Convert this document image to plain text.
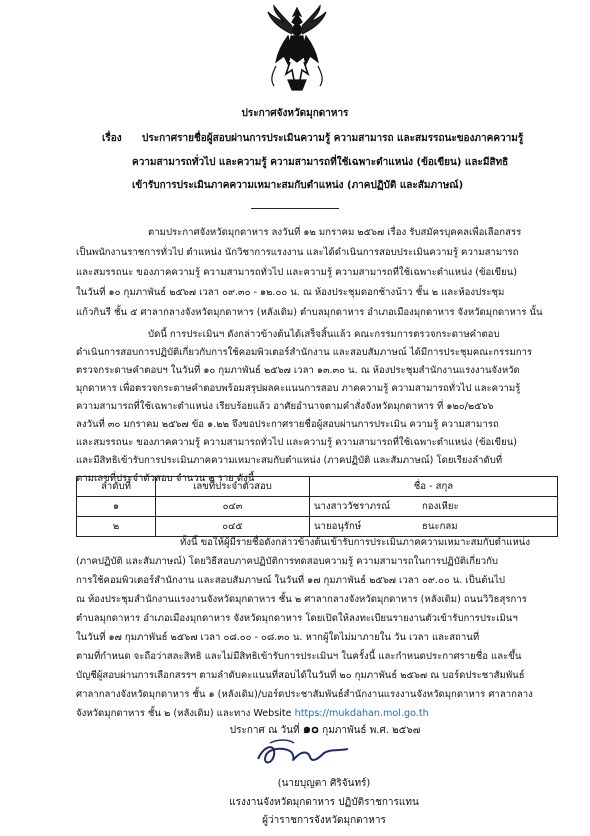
ประกาศจังหวัดมุกดาหาร
เรื่อง ประกาศรายชื่อผู้สอบผ่านการประเมินความรู้ ความสามารถ และสมรรถนะของภาคความรู้
ความสามารถทั่วไป และความรู้ ความสามารถที่ใช้เฉพาะตำแหน่ง (ข้อเขียน) และมีสิทธิ
เข้ารับการประเมินภาคความเหมาะสมกับตำแหน่ง (ภาคปฏิบัติ และสัมภาษณ์)
ตามประกาศจังหวัดมุกดาหาร ลงวันที่ ๑๒ มกราคม ๒๕๖๗ เรื่อง รับสมัครบุคคลเพื่อเลือกสรร
เป็นพนักงานราชการทั่วไป ตำแหน่ง นักวิชาการแรงงาน และได้ดำเนินการสอบประเมินความรู้ ความสามารถ
และสมรรถนะ ของภาคความรู้ ความสามารถทั่วไป และความรู้ ความสามารถที่ใช้เฉพาะตำแหน่ง (ข้อเขียน)
ในวันที่ ๑๐ กุมภาพันธ์ ๒๕๖๗ เวลา ๐๙.๓๐ - ๑๒.๐๐ น. ณ ห้องประชุมดอกช้างน้าว ชั้น ๒ และห้องประชุม
แก้วกินรี ชั้น ๕ ศาลากลางจังหวัดมุกดาหาร (หลังเดิม) ตำบลมุกดาหาร อำเภอเมืองมุกดาหาร จังหวัดมุกดาหาร นั้น
บัดนี้ การประเมินฯ ดังกล่าวข้างต้นได้เสร็จสิ้นแล้ว คณะกรรมการตรวจกระดาษคำตอบ
ดำเนินการสอบการปฏิบัติเกี่ยวกับการใช้คอมพิวเตอร์สำนักงาน และสอบสัมภาษณ์ ได้มีการประชุมคณะกรรมการ
ตรวจกระดาษคำตอบฯ ในวันที่ ๑๐ กุมภาพันธ์ ๒๕๖๗ เวลา ๑๓.๓๐ น. ณ ห้องประชุมสำนักงานแรงงานจังหวัด
มุกดาหาร เพื่อตรวจกระดาษคำตอบพร้อมสรุปผลคะแนนการสอบ ภาคความรู้ ความสามารถทั่วไป และความรู้
ความสามารถที่ใช้เฉพาะตำแหน่ง เรียบร้อยแล้ว อาศัยอำนาจตามคำสั่งจังหวัดมุกดาหาร ที่ ๑๒๐/๒๕๖๖
ลงวันที่ ๓๐ มกราคม ๒๕๖๗ ข้อ ๑.๒๒ จึงขอประกาศรายชื่อผู้สอบผ่านการประเมิน ความรู้ ความสามารถ
และสมรรถนะ ของภาคความรู้ ความสามารถทั่วไป และความรู้ ความสามารถที่ใช้เฉพาะตำแหน่ง (ข้อเขียน)
และมีสิทธิเข้ารับการประเมินภาคความเหมาะสมกับตำแหน่ง (ภาคปฏิบัติ และสัมภาษณ์) โดยเรียงลำดับที่
ตามเลขที่ประจำตัวสอบ จำนวน ๒ ราย ดังนี้
ลำดับที่	เลขที่ประจำตัวสอบ	ชื่อ - สกุล	
๑	๐๔๓	นางสาววัชราภรณ์	กองเหียะ
๒	๐๔๕	นายอนุรักษ์	ธนะกลม
ทั้งนี้ ขอให้ผู้มีรายชื่อดังกล่าวข้างต้นเข้ารับการประเมินภาคความเหมาะสมกับตำแหน่ง
(ภาคปฏิบัติ และสัมภาษณ์) โดยวิธีสอบภาคปฏิบัติการทดสอบความรู้ ความสามารถในการปฏิบัติเกี่ยวกับ
การใช้คอมพิวเตอร์สำนักงาน และสอบสัมภาษณ์ ในวันที่ ๑๗ กุมภาพันธ์ ๒๕๖๗ เวลา ๐๙.๐๐ น. เป็นต้นไป
ณ ห้องประชุมสำนักงานแรงงานจังหวัดมุกดาหาร ชั้น ๒ ศาลากลางจังหวัดมุกดาหาร (หลังเดิม) ถนนวิวิธสุรการ
ตำบลมุกดาหาร อำเภอเมืองมุกดาหาร จังหวัดมุกดาหาร โดยเปิดให้ลงทะเบียนรายงานตัวเข้ารับการประเมินฯ
ในวันที่ ๑๗ กุมภาพันธ์ ๒๕๖๗ เวลา ๐๘.๐๐ - ๐๘.๓๐ น. หากผู้ใดไม่มาภายใน วัน เวลา และสถานที่
ตามที่กำหนด จะถือว่าสละสิทธิ และไม่มีสิทธิเข้ารับการประเมินฯ ในครั้งนี้ และกำหนดประกาศรายชื่อ และขึ้น
บัญชีผู้สอบผ่านการเลือกสรรฯ ตามลำดับคะแนนที่สอบได้ในวันที่ ๒๐ กุมภาพันธ์ ๒๕๖๗ ณ บอร์ดประชาสัมพันธ์
ศาลากลางจังหวัดมุกดาหาร ชั้น ๑ (หลังเดิม)/บอร์ดประชาสัมพันธ์สำนักงานแรงงานจังหวัดมุกดาหาร ศาลากลาง
จังหวัดมุกดาหาร ชั้น ๒ (หลังเดิม) และทาง Website https://mukdahan.mol.go.th
ประกาศ ณ วันที่ ๑๐ กุมภาพันธ์ พ.ศ. ๒๕๖๗
(นายบุญตา ศิริจันทร์)
แรงงานจังหวัดมุกดาหาร ปฏิบัติราชการแทน
ผู้ว่าราชการจังหวัดมุกดาหาร
